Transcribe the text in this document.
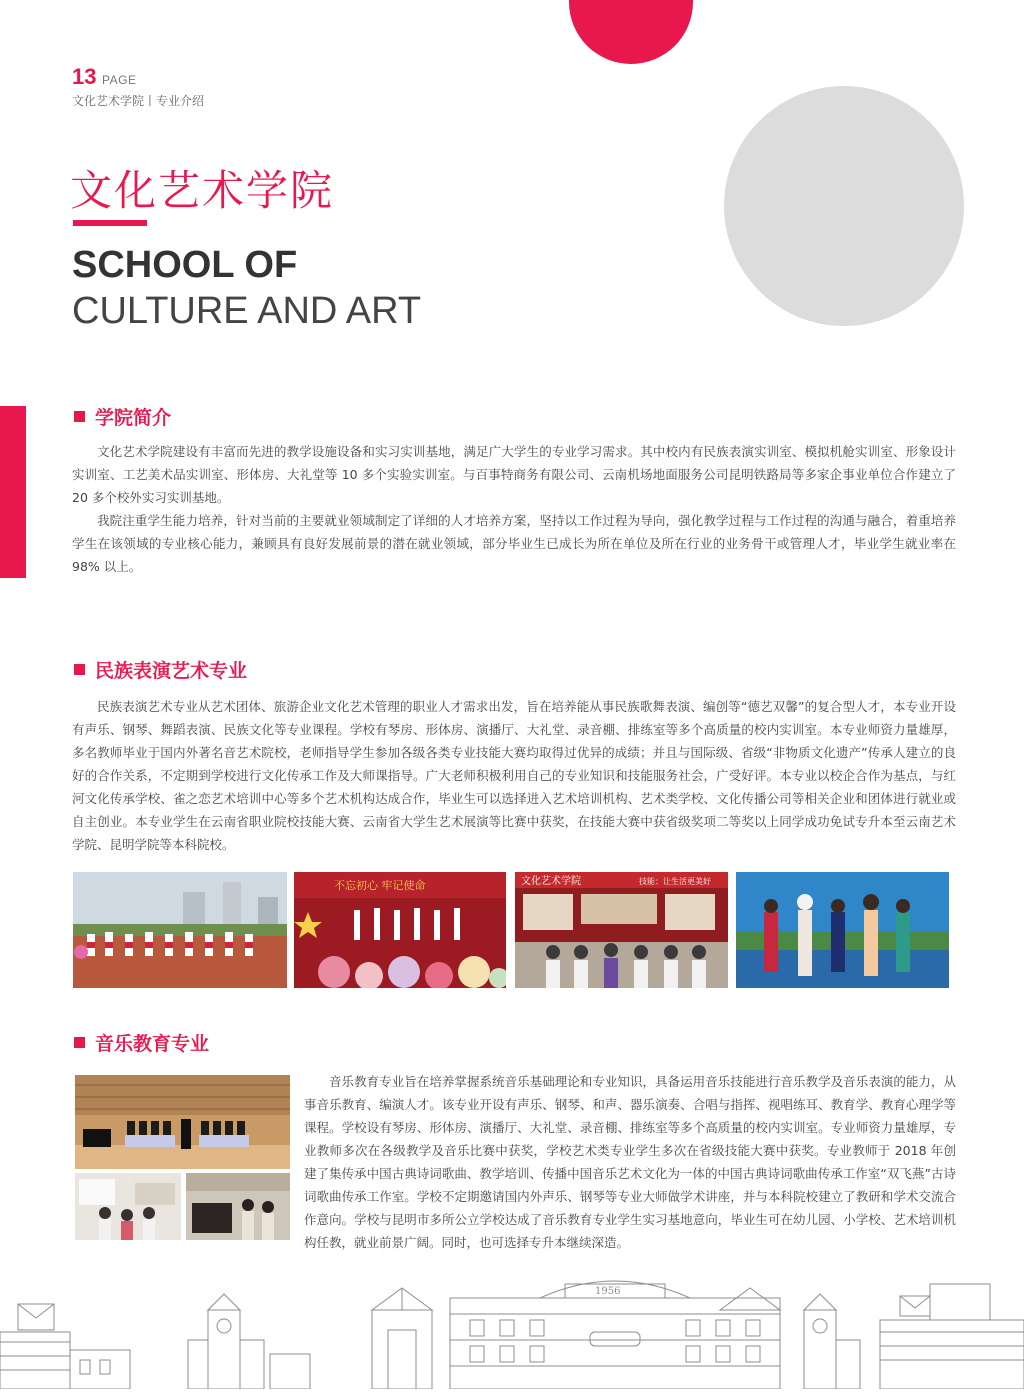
13 PAGE
文化艺术学院丨专业介绍
文化艺术学院
SCHOOL OF
CULTURE AND ART
学院简介

文化艺术学院建设有丰富而先进的教学设施设备和实习实训基地，满足广大学生的专业学习需求。其中校内有民族表演实训室、模拟机舱实训室、形象设计实训室、工艺美术品实训室、形体房、大礼堂等 10 多个实验实训室。与百事特商务有限公司、云南机场地面服务公司昆明铁路局等多家企事业单位合作建立了 20 多个校外实习实训基地。

我院注重学生能力培养，针对当前的主要就业领域制定了详细的人才培养方案，坚持以工作过程为导向，强化教学过程与工作过程的沟通与融合，着重培养学生在该领域的专业核心能力，兼顾具有良好发展前景的潜在就业领域，部分毕业生已成长为所在单位及所在行业的业务骨干或管理人才，毕业学生就业率在 98% 以上。

民族表演艺术专业

民族表演艺术专业从艺术团体、旅游企业文化艺术管理的职业人才需求出发，旨在培养能从事民族歌舞表演、编创等“德艺双馨”的复合型人才，本专业开设有声乐、钢琴、舞蹈表演、民族文化等专业课程。学校有琴房、形体房、演播厅、大礼堂、录音棚、排练室等多个高质量的校内实训室。本专业师资力量雄厚，多名教师毕业于国内外著名音艺术院校，老师指导学生参加各级各类专业技能大赛均取得过优异的成绩；并且与国际级、省级“非物质文化遗产”传承人建立的良好的合作关系，不定期到学校进行文化传承工作及大师课指导。广大老师积极利用自己的专业知识和技能服务社会，广受好评。本专业以校企合作为基点，与红河文化传承学校、雀之恋艺术培训中心等多个艺术机构达成合作，毕业生可以选择进入艺术培训机构、艺术类学校、文化传播公司等相关企业和团体进行就业或自主创业。本专业学生在云南省职业院校技能大赛、云南省大学生艺术展演等比赛中获奖，在技能大赛中获省级奖项二等奖以上同学成功免试专升本至云南艺术学院、昆明学院等本科院校。

不忘初心 牢记使命	文化艺术学院	技能：让生活更美好
音乐教育专业

音乐教育专业旨在培养掌握系统音乐基础理论和专业知识，具备运用音乐技能进行音乐教学及音乐表演的能力，从事音乐教育、编演人才。该专业开设有声乐、钢琴、和声、器乐演奏、合唱与指挥、视唱练耳、教育学、教育心理学等课程。学校设有琴房、形体房、演播厅、大礼堂、录音棚、排练室等多个高质量的校内实训室。专业师资力量雄厚，专业教师多次在各级教学及音乐比赛中获奖，学校艺术类专业学生多次在省级技能大赛中获奖。专业教师于 2018 年创建了集传承中国古典诗词歌曲、教学培训、传播中国音乐艺术文化为一体的中国古典诗词歌曲传承工作室“双飞燕”古诗词歌曲传承工作室。学校不定期邀请国内外声乐、钢琴等专业大师做学术讲座，并与本科院校建立了教研和学术交流合作意向。学校与昆明市多所公立学校达成了音乐教育专业学生实习基地意向，毕业生可在幼儿园、小学校、艺术培训机构任教，就业前景广阔。同时，也可选择专升本继续深造。

1956
